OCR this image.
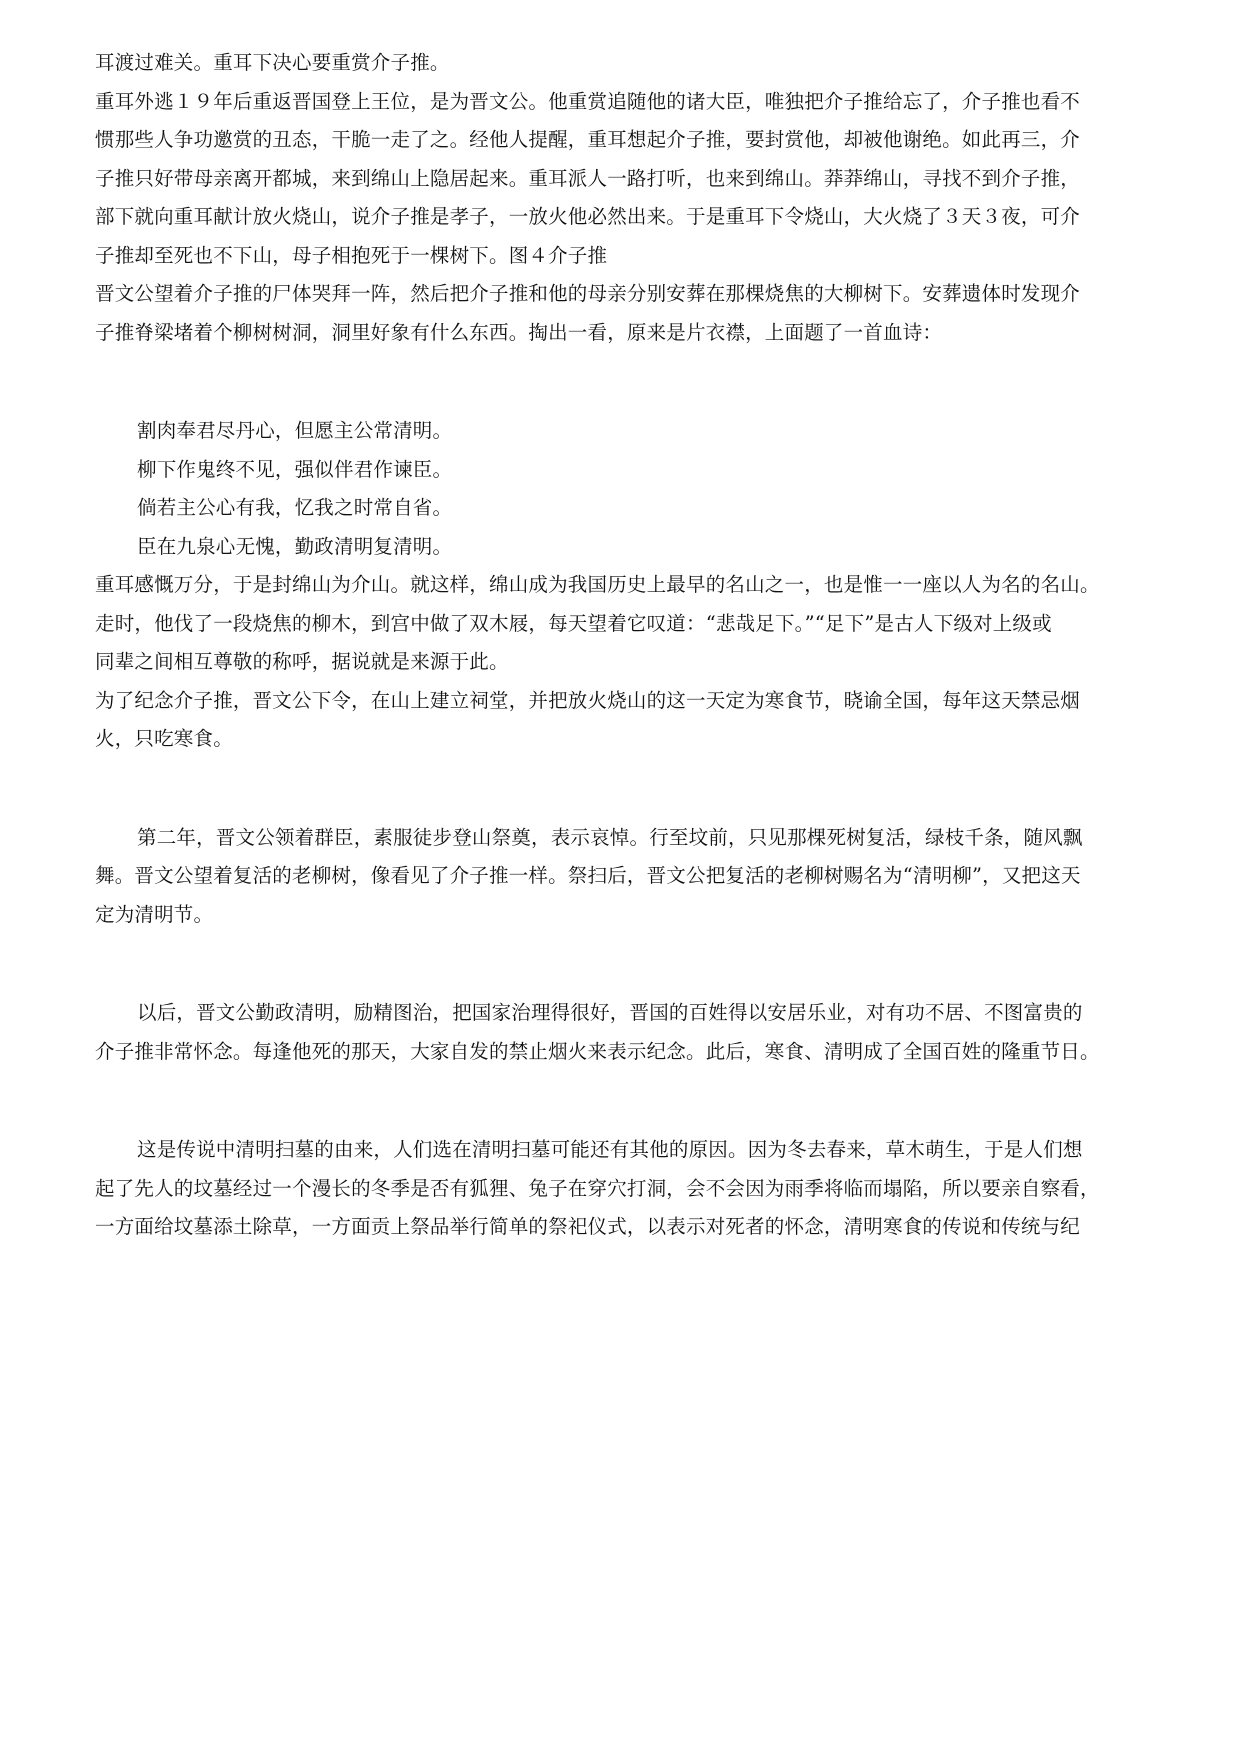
耳渡过难关。重耳下决心要重赏介子推。
重耳外逃１９年后重返晋国登上王位，是为晋文公。他重赏追随他的诸大臣，唯独把介子推给忘了，介子推也看不
惯那些人争功邀赏的丑态，干脆一走了之。经他人提醒，重耳想起介子推，要封赏他，却被他谢绝。如此再三，介
子推只好带母亲离开都城，来到绵山上隐居起来。重耳派人一路打听，也来到绵山。莽莽绵山，寻找不到介子推，
部下就向重耳献计放火烧山，说介子推是孝子，一放火他必然出来。于是重耳下令烧山，大火烧了３天３夜，可介
子推却至死也不下山，母子相抱死于一棵树下。图４介子推
晋文公望着介子推的尸体哭拜一阵，然后把介子推和他的母亲分别安葬在那棵烧焦的大柳树下。安葬遗体时发现介
子推脊梁堵着个柳树树洞，洞里好象有什么东西。掏出一看，原来是片衣襟，上面题了一首血诗：
割肉奉君尽丹心，但愿主公常清明。
柳下作鬼终不见，强似伴君作谏臣。
倘若主公心有我，忆我之时常自省。
臣在九泉心无愧，勤政清明复清明。
重耳感慨万分，于是封绵山为介山。就这样，绵山成为我国历史上最早的名山之一，也是惟一一座以人为名的名山。
走时，他伐了一段烧焦的柳木，到宫中做了双木屐，每天望着它叹道：“悲哉足下。”“足下”是古人下级对上级或
同辈之间相互尊敬的称呼，据说就是来源于此。
为了纪念介子推，晋文公下令，在山上建立祠堂，并把放火烧山的这一天定为寒食节，晓谕全国，每年这天禁忌烟
火，只吃寒食。
第二年，晋文公领着群臣，素服徒步登山祭奠，表示哀悼。行至坟前，只见那棵死树复活，绿枝千条，随风飘
舞。晋文公望着复活的老柳树，像看见了介子推一样。祭扫后，晋文公把复活的老柳树赐名为“清明柳”，又把这天
定为清明节。
以后，晋文公勤政清明，励精图治，把国家治理得很好，晋国的百姓得以安居乐业，对有功不居、不图富贵的
介子推非常怀念。每逢他死的那天，大家自发的禁止烟火来表示纪念。此后，寒食、清明成了全国百姓的隆重节日。
这是传说中清明扫墓的由来，人们选在清明扫墓可能还有其他的原因。因为冬去春来，草木萌生，于是人们想
起了先人的坟墓经过一个漫长的冬季是否有狐狸、兔子在穿穴打洞，会不会因为雨季将临而塌陷，所以要亲自察看，
一方面给坟墓添土除草，一方面贡上祭品举行简单的祭祀仪式，以表示对死者的怀念，清明寒食的传说和传统与纪
